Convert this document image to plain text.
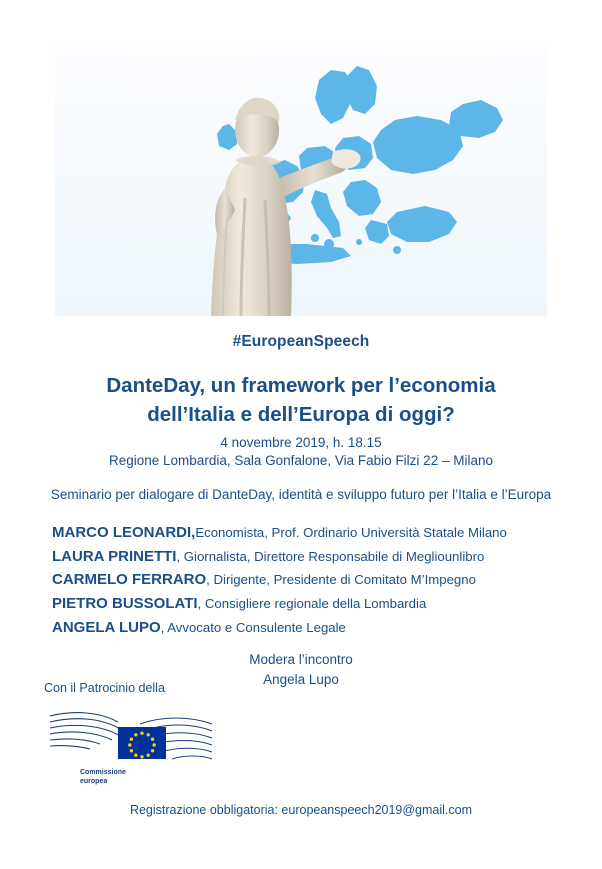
#EuropeanSpeech
DanteDay, un framework per l’economia
dell’Italia e dell’Europa di oggi?
4 novembre 2019, h. 18.15
Regione Lombardia, Sala Gonfalone, Via Fabio Filzi 22 – Milano
Seminario per dialogare di DanteDay, identità e sviluppo futuro per l’Italia e l’Europa
MARCO LEONARDI,Economista, Prof. Ordinario Università Statale Milano
LAURA PRINETTI, Giornalista, Direttore Responsabile di Megliounlibro
CARMELO FERRARO, Dirigente, Presidente di Comitato M’Impegno
PIETRO BUSSOLATI, Consigliere regionale della Lombardia
ANGELA LUPO, Avvocato e Consulente Legale
Modera l’incontro
Angela Lupo
Con il Patrocinio della
Commissione
europea
Registrazione obbligatoria: europeanspeech2019@gmail.com
